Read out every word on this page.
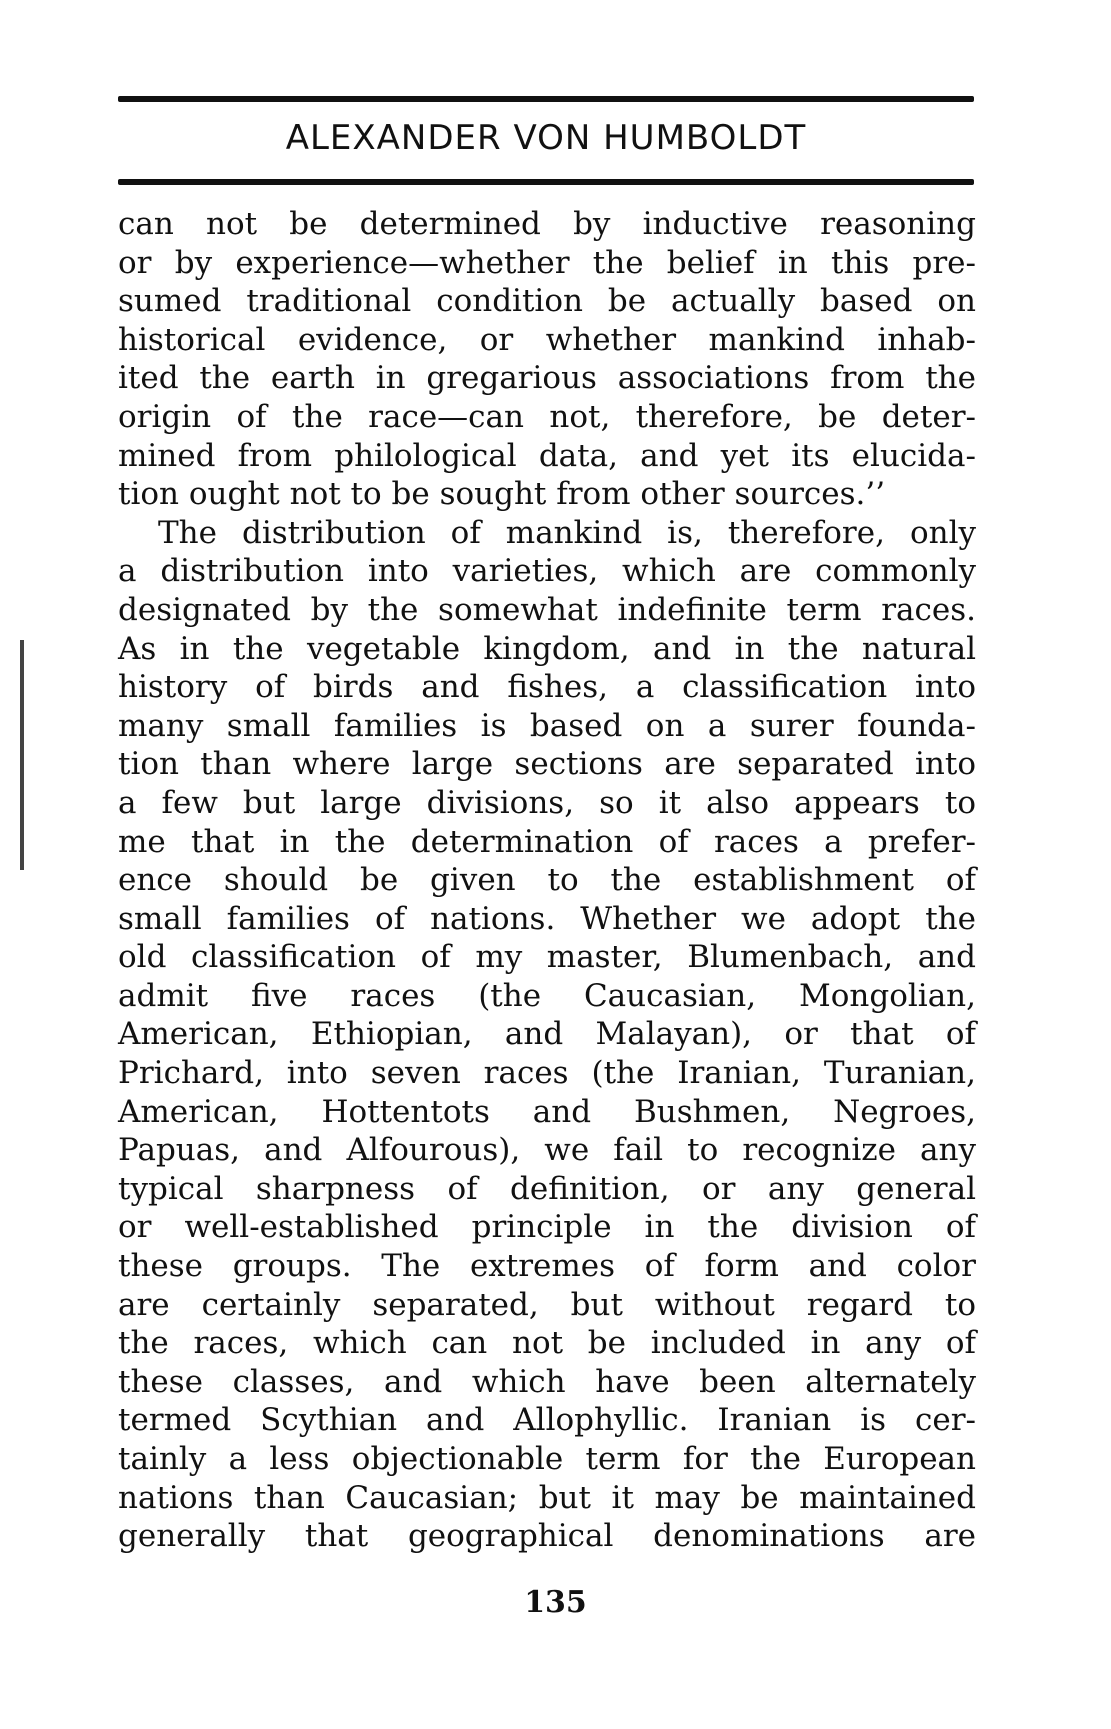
ALEXANDER VON HUMBOLDT

can not be determined by inductive reasoning
or by experience—whether the belief in this pre-
sumed traditional condition be actually based on
historical evidence, or whether mankind inhab-
ited the earth in gregarious associations from the
origin of the race—can not, therefore, be deter-
mined from philological data, and yet its elucida-
tion ought not to be sought from other sources.’’

The distribution of mankind is, therefore, only
a distribution into varieties, which are commonly
designated by the somewhat indefinite term races.
As in the vegetable kingdom, and in the natural
history of birds and fishes, a classification into
many small families is based on a surer founda-
tion than where large sections are separated into
a few but large divisions, so it also appears to
me that in the determination of races a prefer-
ence should be given to the establishment of
small families of nations. Whether we adopt the
old classification of my master, Blumenbach, and
admit five races (the Caucasian, Mongolian,
American, Ethiopian, and Malayan), or that of
Prichard, into seven races (the Iranian, Turanian,
American, Hottentots and Bushmen, Negroes,
Papuas, and Alfourous), we fail to recognize any
typical sharpness of definition, or any general
or well-established principle in the division of
these groups. The extremes of form and color
are certainly separated, but without regard to
the races, which can not be included in any of
these classes, and which have been alternately
termed Scythian and Allophyllic. Iranian is cer-
tainly a less objectionable term for the European
nations than Caucasian; but it may be maintained
generally that geographical denominations are

135
